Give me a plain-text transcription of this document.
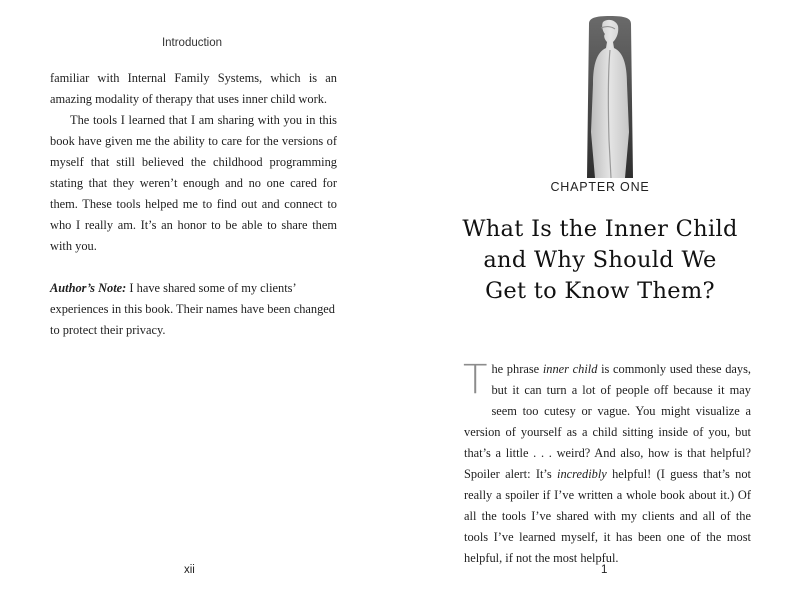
Introduction

familiar with Internal Family Systems, which is an amazing modality of therapy that uses inner child work.

The tools I learned that I am sharing with you in this book have given me the ability to care for the versions of myself that still believed the childhood programming stating that they weren’t enough and no one cared for them. These tools helped me to find out and connect to who I really am. It’s an honor to be able to share them with you.

Author’s Note: I have shared some of my clients’ experiences in this book. Their names have been changed to protect their privacy.

xii
CHAPTER ONE
What Is the Inner Child
and Why Should We
Get to Know Them?
1

The phrase inner child is commonly used these days, but it can turn a lot of people off because it may seem too cutesy or vague. You might visualize a version of yourself as a child sitting inside of you, but that’s a little . . . weird? And also, how is that helpful? Spoiler alert: It’s incredibly helpful! (I guess that’s not really a spoiler if I’ve written a whole book about it.) Of all the tools I’ve shared with my clients and all of the tools I’ve learned myself, it has been one of the most helpful, if not the most helpful.
